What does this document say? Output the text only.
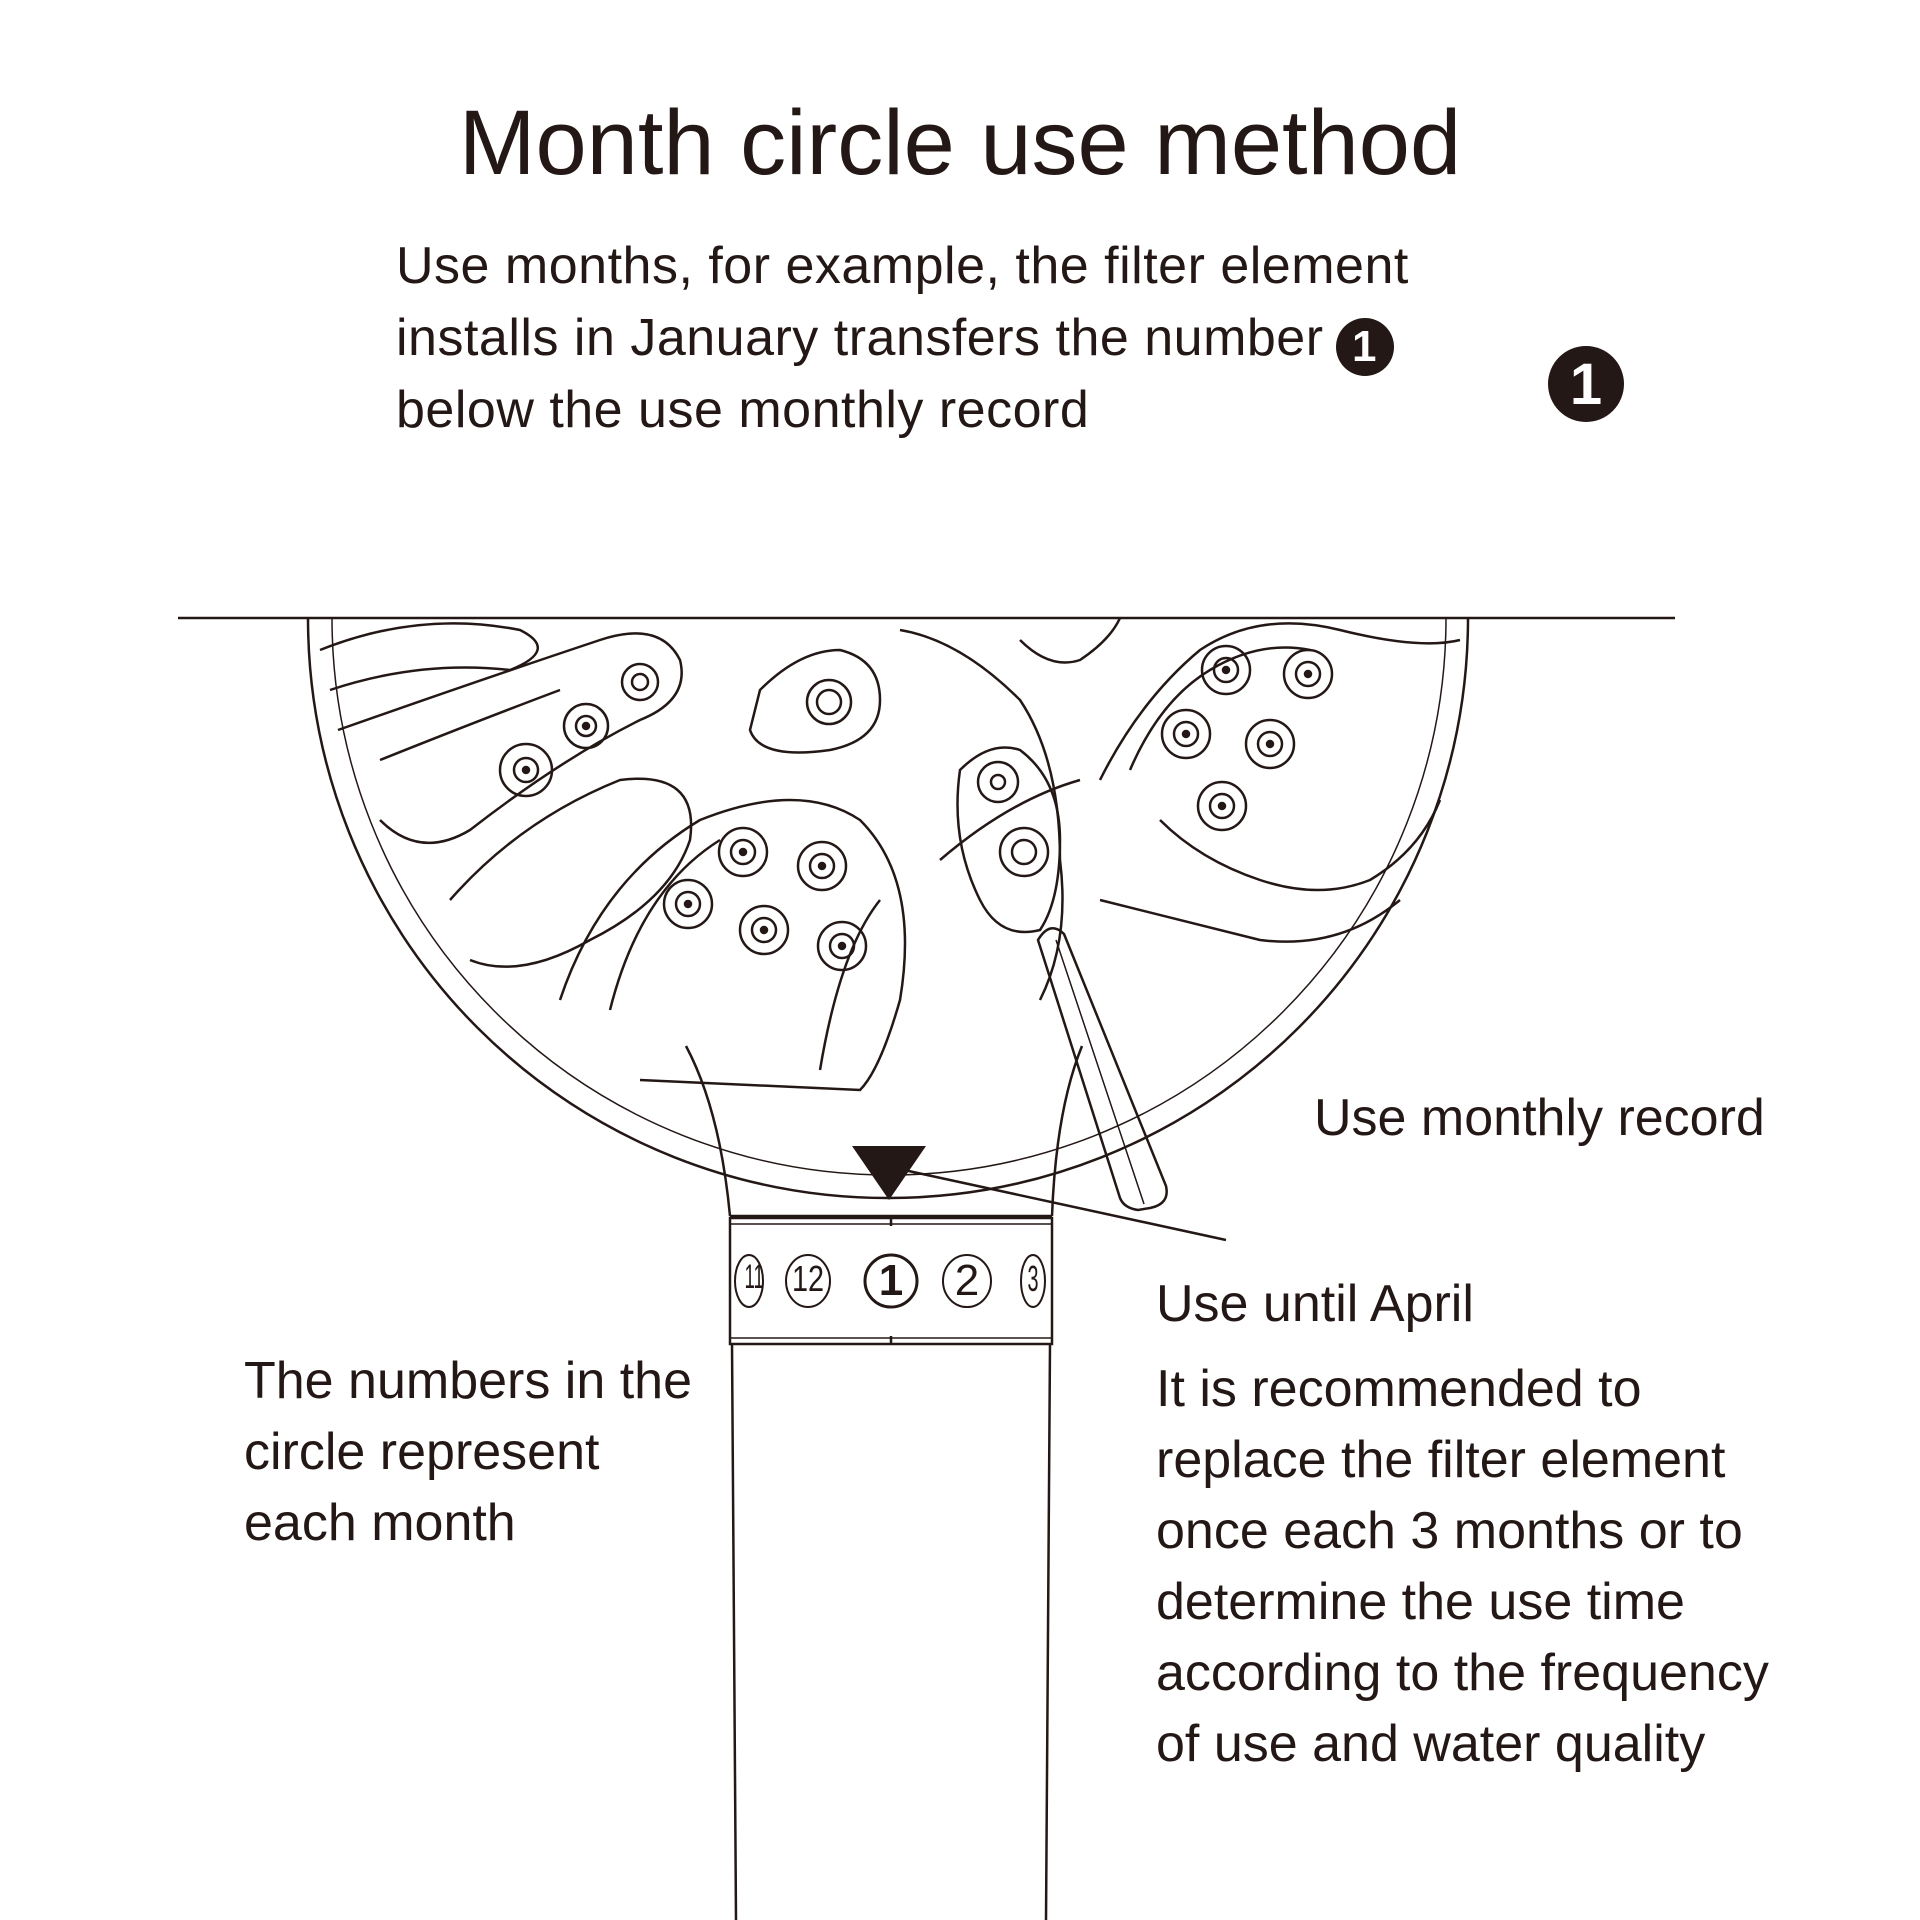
11 12 1 2 3
Month circle use method
Use months, for example, the filter element
installs in January transfers the number 1
below the use monthly record	1
Use monthly record
Use until April
It is recommended to
replace the filter element
once each 3 months or to
determine the use time
according to the frequency
of use and water quality
The numbers in the
circle represent
each month
